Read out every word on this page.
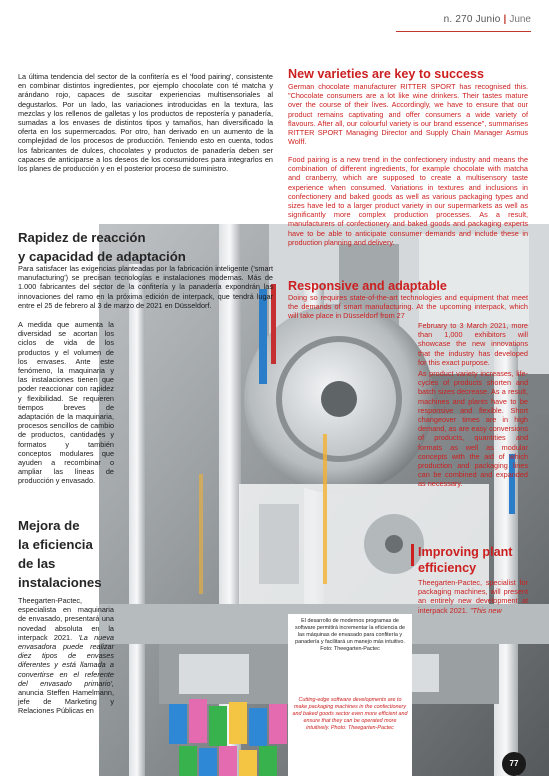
n. 270 Junio | June
El desarrollo de modernos programas de software permitirá incrementar la eficiencia de las máquinas de envasado para confitería y panadería y facilitará un manejo más intuitivo. Foto: Theegarten-Pactec
Cutting-edge software developments are to make packaging machines in the confectionery and baked goods sector even more efficient and ensure that they can be operated more intuitively. Photo: Theegarten-Pactec
La última tendencia del sector de la confitería es el 'food pairing', consistente en combinar distintos ingredientes, por ejemplo chocolate con té matcha y arándano rojo, capaces de suscitar experiencias multisensoriales al degustarlos. Por un lado, las variaciones introducidas en la textura, las mezclas y los rellenos de galletas y los productos de repostería y panadería, sumadas a los envases de distintos tipos y tamaños, han diversificado la oferta en los supermercados. Por otro, han derivado en un aumento de la complejidad de los procesos de producción. Teniendo esto en cuenta, todos los fabricantes de dulces, chocolates y productos de panadería deben ser capaces de anticiparse a los deseos de los consumidores para integrarlos en los planes de producción y en el posterior proceso de suministro.
Rapidez de reacción
y capacidad de adaptación
Para satisfacer las exigencias planteadas por la fabricación inteligente ('smart manufacturing') se precisan tecnologías e instalaciones modernas. Más de 1.000 fabricantes del sector de la confitería y la panadería expondrán las innovaciones del ramo en la próxima edición de interpack, que tendrá lugar entre el 25 de febrero al 3 de marzo de 2021 en Düsseldorf.
A medida que aumenta la diversidad se acortan los ciclos de vida de los productos y el volumen de los envases. Ante este fenómeno, la maquinaria y las instalaciones tienen que poder reaccionar con rapidez y flexibilidad. Se requieren tiempos breves de adaptación de la maquinaria, procesos sencillos de cambio de productos, cantidades y formatos y también conceptos modulares que ayuden a recombinar o ampliar las líneas de producción y envasado.
Mejora de
la eficiencia
de las
instalaciones
Theegarten-Pactec, especialista en maquinaria de envasado, presentará una novedad absoluta en la interpack 2021. 'La nueva envasadora puede realizar diez tipos de envases diferentes y está llamada a convertirse en el referente del envasado primario', anuncia Steffen Hamelmann, jefe de Marketing y Relaciones Públicas en
New varieties are key to success
German chocolate manufacturer RITTER SPORT has recognised this. "Chocolate consumers are a lot like wine drinkers. Their tastes mature over the course of their lives. Accordingly, we have to ensure that our product remains captivating and offer consumers a wide variety of flavours. After all, our colourful variety is our brand essence", summarises RITTER SPORT Managing Director and Supply Chain Manager Asmus Wolff.
Food pairing is a new trend in the confectionery industry and means the combination of different ingredients, for example chocolate with matcha and cranberry, which are supposed to create a multisensory taste experience when consumed. Variations in textures and inclusions in confectionery and baked goods as well as various packaging types and sizes have led to a larger product variety in our supermarkets as well as significantly more complex production processes. As a result, manufacturers of confectionery and baked goods and packaging experts have to be able to anticipate consumer demands and include these in production planning and delivery.
Responsive and adaptable
Doing so requires state-of-the-art technologies and equipment that meet the demands of smart manufacturing. At the upcoming interpack, which will take place in Düsseldorf from 27
February to 3 March 2021, more than 1,000 exhibitors will showcase the new innovations that the industry has developed for this exact purpose.
As product variety increases, life-cycles of products shorten and batch sizes decrease. As a result, machines and plants have to be responsive and flexible. Short changeover times are in high demand, as are easy conversions of products, quantities and formats as well as modular concepts with the aid of which production and packaging lines can be combined and expanded as necessary.
Improving plant
efficiency
Theegarten-Pactec, specialist for packaging machines, will present an entirely new development at interpack 2021. "This new
77
